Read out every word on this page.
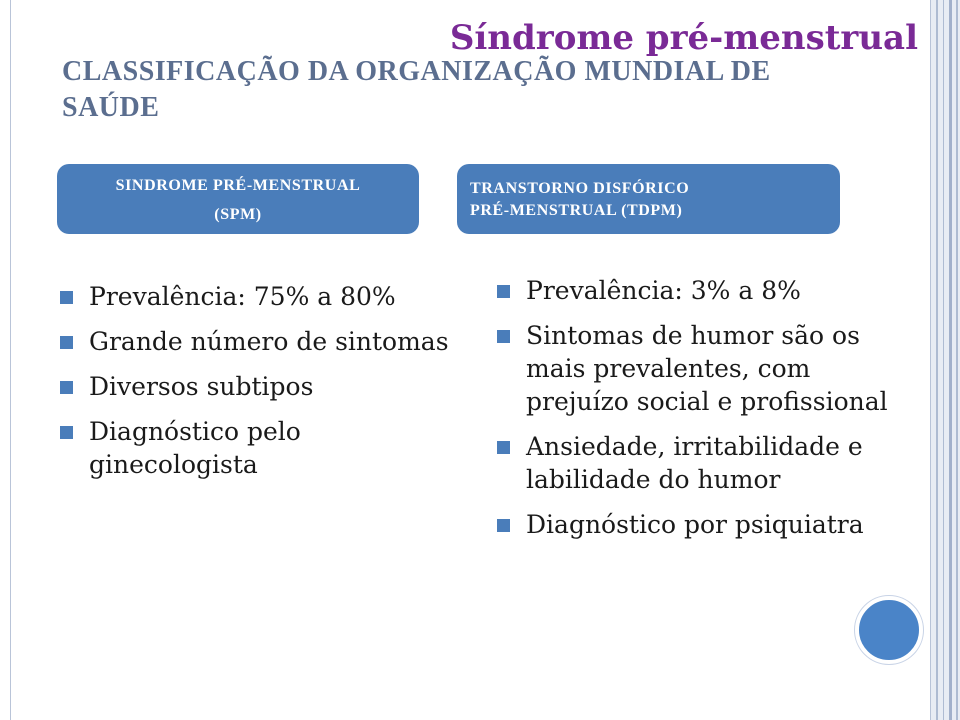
Síndrome pré-menstrual
CLASSIFICAÇÃO DA ORGANIZAÇÃO MUNDIAL DE SAÚDE
SINDROME PRÉ-MENSTRUAL
(SPM)
TRANSTORNO DISFÓRICO
PRÉ-MENSTRUAL (TDPM)
Prevalência: 75% a 80%
Grande número de sintomas
Diversos subtipos
Diagnóstico pelo ginecologista
Prevalência: 3% a 8%
Sintomas de humor são os mais prevalentes, com prejuízo social e profissional
Ansiedade, irritabilidade e labilidade do humor
Diagnóstico por psiquiatra
